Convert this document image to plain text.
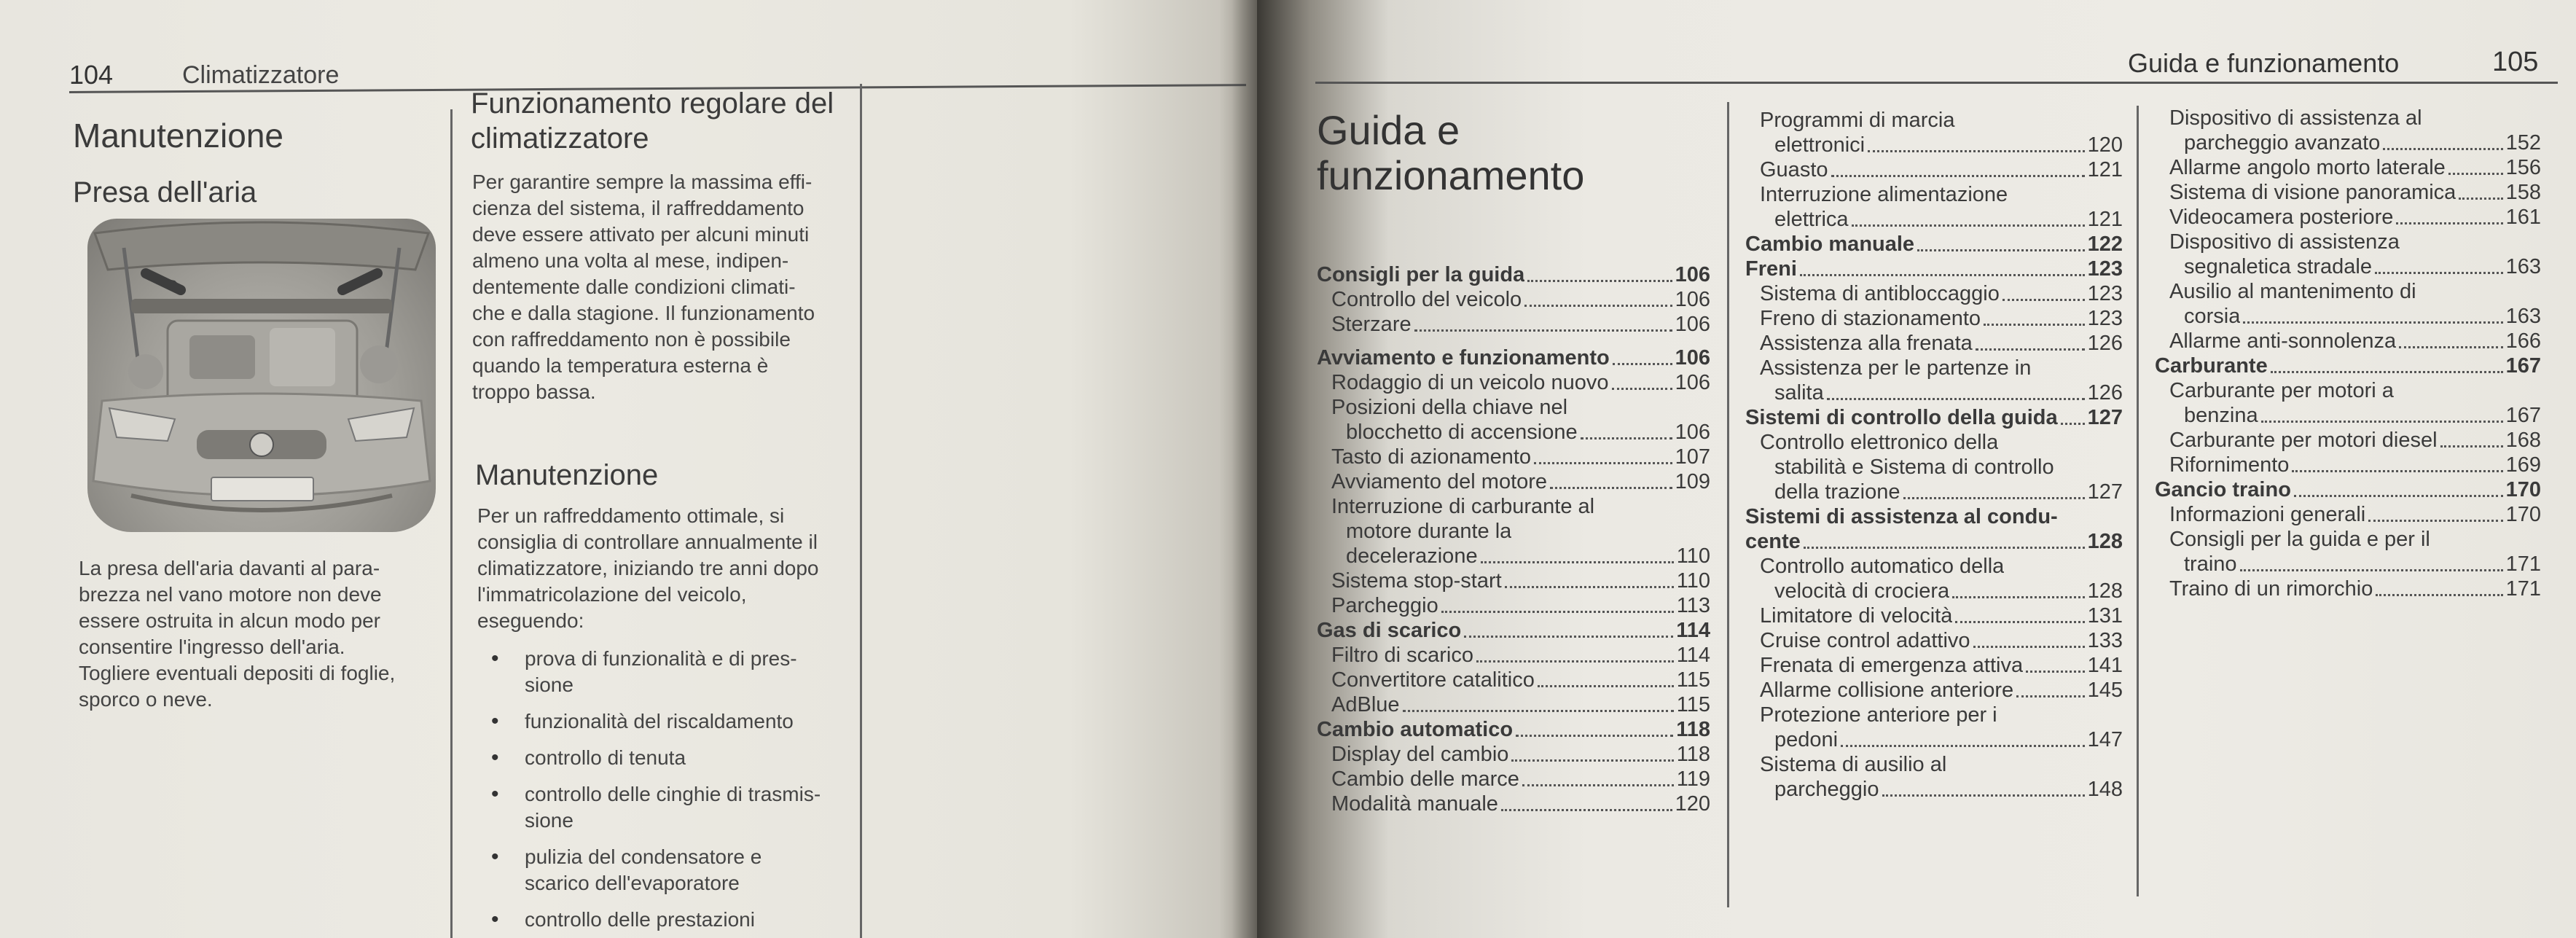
104	Climatizzatore
Manutenzione
Presa dell'aria
La presa dell'aria davanti al para-
brezza nel vano motore non deve
essere ostruita in alcun modo per
consentire l'ingresso dell'aria.
Togliere eventuali depositi di foglie,
sporco o neve.
Funzionamento regolare del
climatizzatore
Per garantire sempre la massima effi-
cienza del sistema, il raffreddamento
deve essere attivato per alcuni minuti
almeno una volta al mese, indipen-
dentemente dalle condizioni climati-
che e dalla stagione. Il funzionamento
con raffreddamento non è possibile
quando la temperatura esterna è
troppo bassa.
Manutenzione
Per un raffreddamento ottimale, si
consiglia di controllare annualmente il
climatizzatore, iniziando tre anni dopo
l'immatricolazione del veicolo,
eseguendo:
• prova di funzionalità e di pres-
sione
• funzionalità del riscaldamento
• controllo di tenuta
• controllo delle cinghie di trasmis-
sione
• pulizia del condensatore e
scarico dell'evaporatore
• controllo delle prestazioni
Guida e funzionamento	105
Guida e
funzionamento
Consigli per la guida	106
Controllo del veicolo	106
Sterzare	106
Avviamento e funzionamento	106
Rodaggio di un veicolo nuovo	106
Posizioni della chiave nel
blocchetto di accensione	106
Tasto di azionamento	107
Avviamento del motore	109
Interruzione di carburante al
motore durante la
decelerazione	110
Sistema stop-start	110
Parcheggio	113
Gas di scarico	114
Filtro di scarico	114
Convertitore catalitico	115
AdBlue	115
Cambio automatico	118
Display del cambio	118
Cambio delle marce	119
Modalità manuale	120
Programmi di marcia
elettronici	120
Guasto	121
Interruzione alimentazione
elettrica	121
Cambio manuale	122
Freni	123
Sistema di antibloccaggio	123
Freno di stazionamento	123
Assistenza alla frenata	126
Assistenza per le partenze in
salita	126
Sistemi di controllo della guida 127
Controllo elettronico della
stabilità e Sistema di controllo
della trazione	127
Sistemi di assistenza al condu-
cente	128
Controllo automatico della
velocità di crociera	128
Limitatore di velocità	131
Cruise control adattivo	133
Frenata di emergenza attiva	141
Allarme collisione anteriore	145
Protezione anteriore per i
pedoni	147
Sistema di ausilio al
parcheggio	148
Dispositivo di assistenza al
parcheggio avanzato	152
Allarme angolo morto laterale	156
Sistema di visione panoramica 158
Videocamera posteriore	161
Dispositivo di assistenza
segnaletica stradale	163
Ausilio al mantenimento di
corsia	163
Allarme anti-sonnolenza	166
Carburante	167
Carburante per motori a
benzina	167
Carburante per motori diesel	168
Rifornimento	169
Gancio traino	170
Informazioni generali	170
Consigli per la guida e per il
traino	171
Traino di un rimorchio	171
